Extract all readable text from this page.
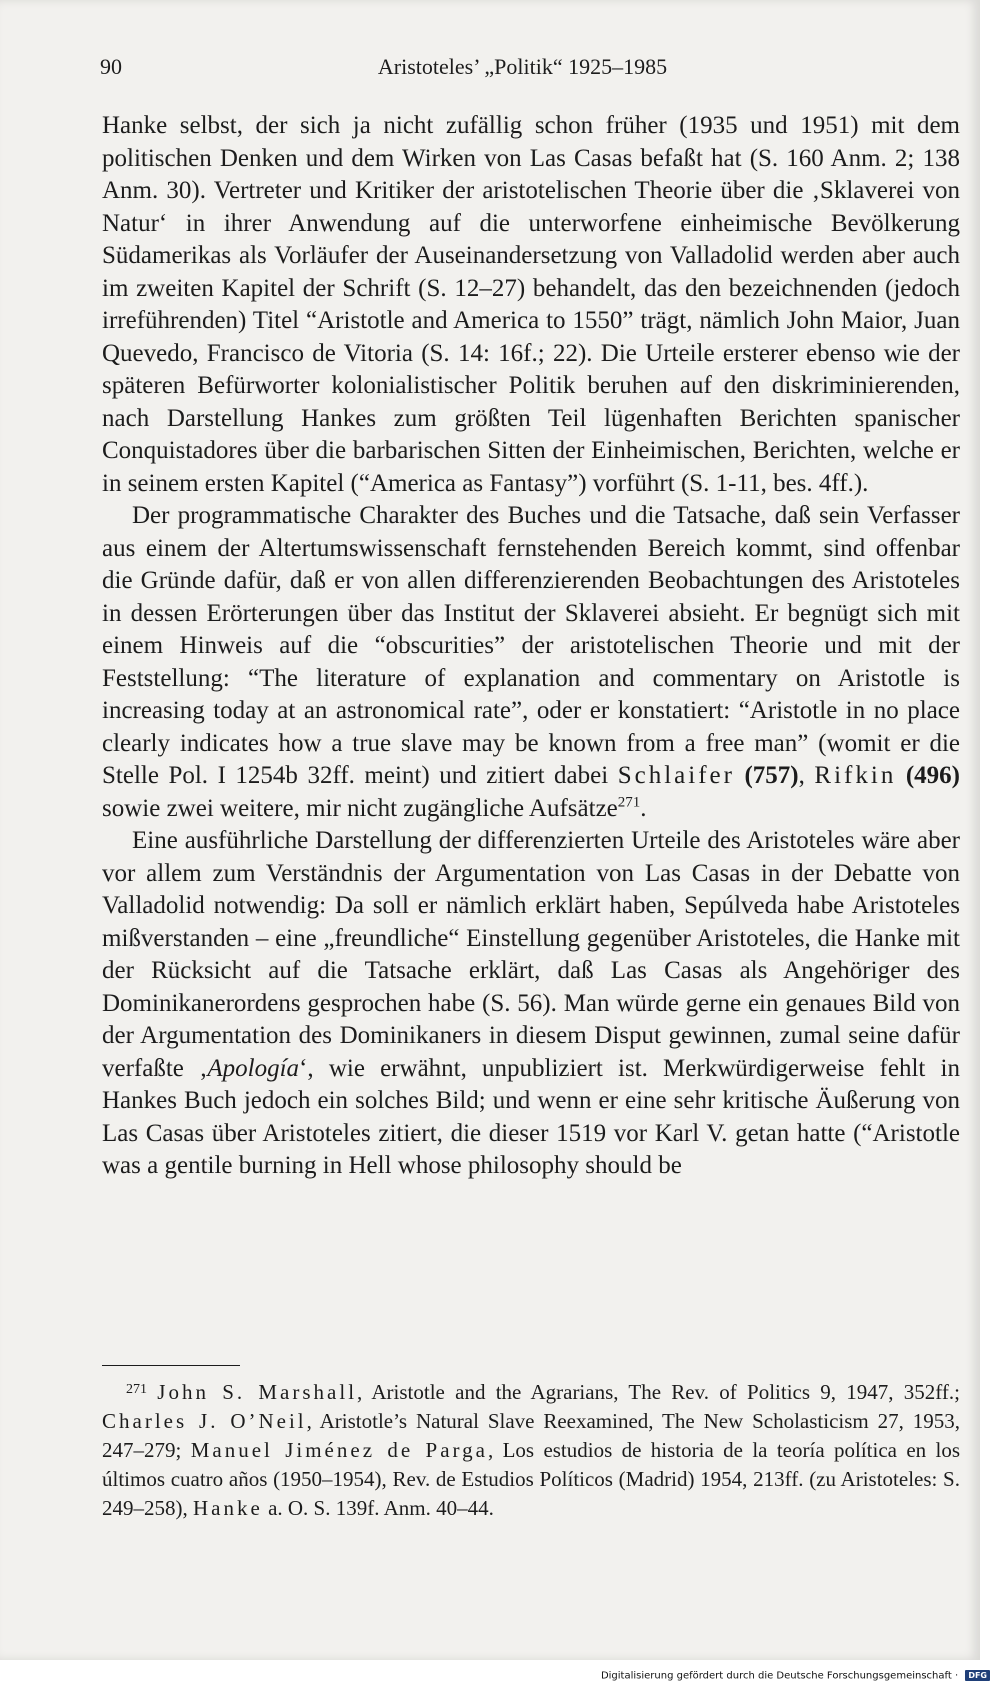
90	Aristoteles’ „Politik“ 1925–1985

Hanke selbst, der sich ja nicht zufällig schon früher (1935 und 1951) mit dem politischen Denken und dem Wirken von Las Casas befaßt hat (S. 160 Anm. 2; 138 Anm. 30). Vertreter und Kritiker der aristotelischen Theorie über die ‚Sklaverei von Natur‘ in ihrer Anwendung auf die unterworfene einheimische Bevölkerung Südamerikas als Vorläufer der Auseinandersetzung von Valladolid werden aber auch im zweiten Kapitel der Schrift (S. 12–27) behandelt, das den bezeichnenden (jedoch irreführenden) Titel “Aristotle and America to 1550” trägt, nämlich John Maior, Juan Quevedo, Francisco de Vitoria (S. 14: 16f.; 22). Die Urteile ersterer ebenso wie der späteren Befürworter kolonialistischer Politik beruhen auf den diskriminierenden, nach Darstellung Hankes zum größten Teil lügenhaften Berichten spanischer Conquistadores über die barbarischen Sitten der Einheimischen, Berichten, welche er in seinem ersten Kapitel (“America as Fantasy”) vorführt (S. 1-11, bes. 4ff.).

Der programmatische Charakter des Buches und die Tatsache, daß sein Verfasser aus einem der Altertumswissenschaft fernstehenden Bereich kommt, sind offenbar die Gründe dafür, daß er von allen differenzierenden Beobachtungen des Aristoteles in dessen Erörterungen über das Institut der Sklaverei absieht. Er begnügt sich mit einem Hinweis auf die “obscurities” der aristotelischen Theorie und mit der Feststellung: “The literature of explanation and commentary on Aristotle is increasing today at an astronomical rate”, oder er konstatiert: “Aristotle in no place clearly indicates how a true slave may be known from a free man” (womit er die Stelle Pol. I 1254b 32ff. meint) und zitiert dabei Schlaifer (757), Rifkin (496) sowie zwei weitere, mir nicht zugängliche Aufsätze$^{271}$.

Eine ausführliche Darstellung der differenzierten Urteile des Aristoteles wäre aber vor allem zum Verständnis der Argumentation von Las Casas in der Debatte von Valladolid notwendig: Da soll er nämlich erklärt haben, Sepúlveda habe Aristoteles mißverstanden – eine „freundliche“ Einstellung gegenüber Aristoteles, die Hanke mit der Rücksicht auf die Tatsache erklärt, daß Las Casas als Angehöriger des Dominikanerordens gesprochen habe (S. 56). Man würde gerne ein genaues Bild von der Argumentation des Dominikaners in diesem Disput gewinnen, zumal seine dafür verfaßte ‚Apología‘, wie erwähnt, unpubliziert ist. Merkwürdigerweise fehlt in Hankes Buch jedoch ein solches Bild; und wenn er eine sehr kritische Äußerung von Las Casas über Aristoteles zitiert, die dieser 1519 vor Karl V. getan hatte (“Aristotle was a gentile burning in Hell whose philosophy should be

$^{271}$ John S. Marshall, Aristotle and the Agrarians, The Rev. of Politics 9, 1947, 352ff.; Charles J. O’Neil, Aristotle’s Natural Slave Reexamined, The New Scholasticism 27, 1953, 247–279; Manuel Jiménez de Parga, Los estudios de historia de la teoría política en los últimos cuatro años (1950–1954), Rev. de Estudios Políticos (Madrid) 1954, 213ff. (zu Aristoteles: S. 249–258), Hanke a. O. S. 139f. Anm. 40–44.

Digitalisierung gefördert durch die Deutsche Forschungsgemeinschaft · DFG
